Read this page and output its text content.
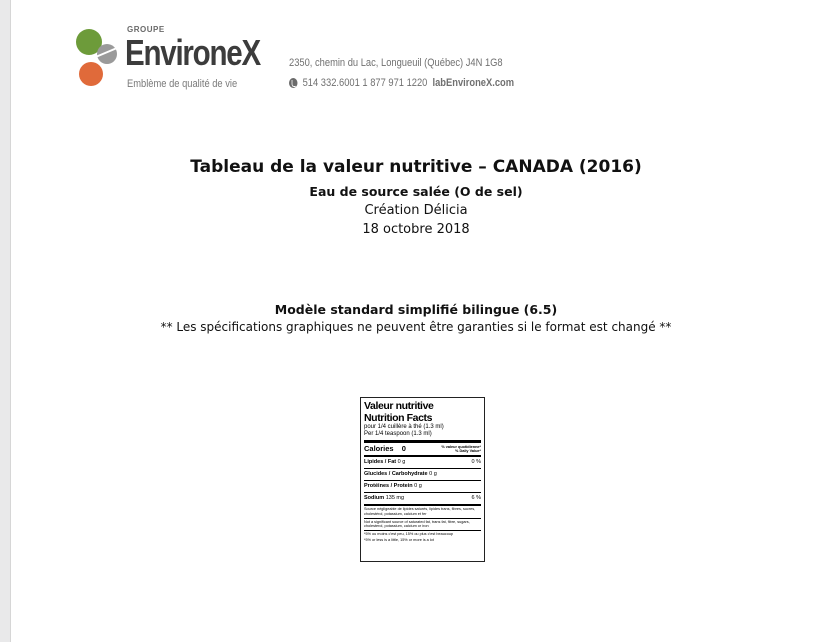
GROUPE
EnvironeX
Emblème de qualité de vie
2350, chemin du Lac, Longueuil (Québec) J4N 1G8
514 332.6001 1 877 971 1220 labEnvironeX.com
Tableau de la valeur nutritive – CANADA (2016)
Eau de source salée (O de sel)
Création Délicia
18 octobre 2018
Modèle standard simplifié bilingue (6.5)
** Les spécifications graphiques ne peuvent être garanties si le format est changé **
Valeur nutritive
Nutrition Facts
pour 1/4 cuillère à thé (1.3 ml)
Per 1/4 teaspoon (1.3 ml)
Calories 0	% valeur quotidienne*
% Daily Value*
Lipides / Fat 0 g	0 %
Glucides / Carbohydrate 0 g
Protéines / Protein 0 g
Sodium 135 mg	6 %
Source négligeable de lipides saturés, lipides trans, fibres, sucres, cholestérol, potassium, calcium et fer
Not a significant source of saturated fat, trans fat, fibre, sugars, cholesterol, potassium, calcium or iron
*5% ou moins c'est peu, 15% ou plus c'est beaucoup
*5% or less is a little, 15% or more is a lot
